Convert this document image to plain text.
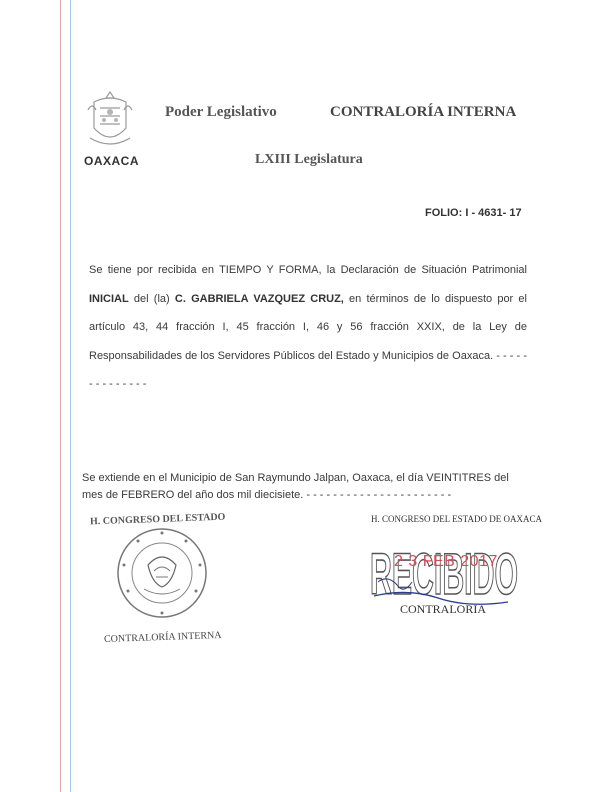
OAXACA
Poder Legislativo	CONTRALORÍA INTERNA
LXIII Legislatura
FOLIO: I - 4631- 17
Se tiene por recibida en TIEMPO Y FORMA, la Declaración de Situación Patrimonial INICIAL del (la) C. GABRIELA VAZQUEZ CRUZ, en términos de lo dispuesto por el artículo 43, 44 fracción I, 45 fracción I, 46 y 56 fracción XXIX, de la Ley de Responsabilidades de los Servidores Públicos del Estado y Municipios de Oaxaca. - - - - - - - - - - - - - -
Se extiende en el Municipio de San Raymundo Jalpan, Oaxaca, el día VEINTITRES del mes de FEBRERO del año dos mil diecisiete. - - - - - - - - - - - - - - - - - - - - - -
H. CONGRESO DEL ESTADO
CONTRALORÍA INTERNA
H. CONGRESO DEL ESTADO DE OAXACA
RECIBIDO
2 3 FEB 2017
CONTRALORIA
